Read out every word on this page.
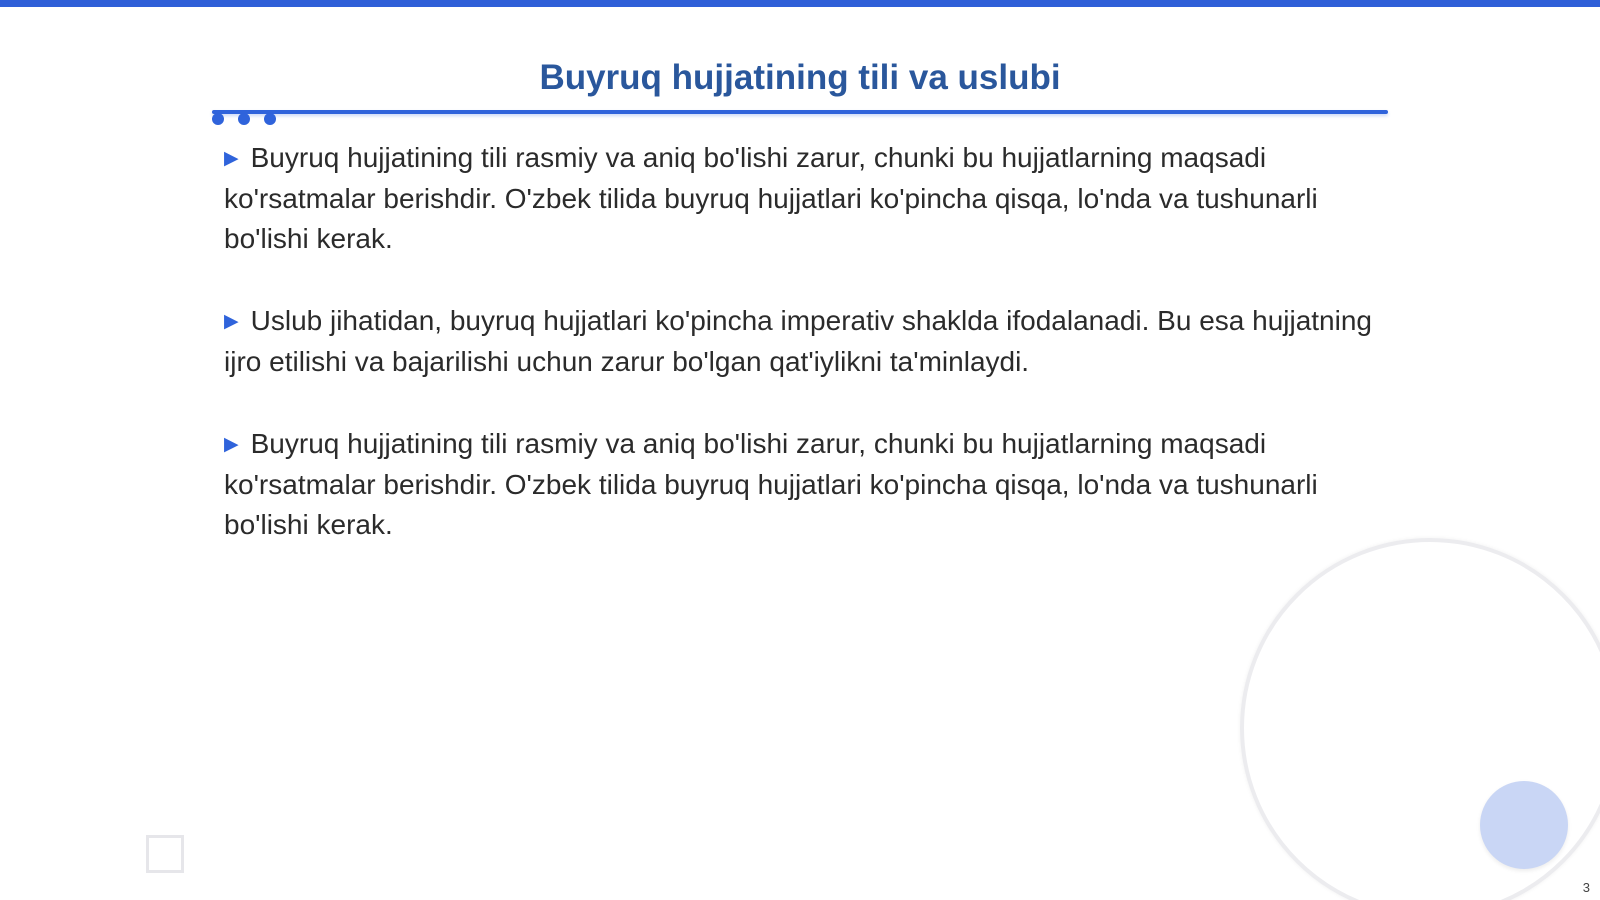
Buyruq hujjatining tili va uslubi

▶ Buyruq hujjatining tili rasmiy va aniq bo'lishi zarur, chunki bu hujjatlarning maqsadi ko'rsatmalar berishdir. O'zbek tilida buyruq hujjatlari ko'pincha qisqa, lo'nda va tushunarli bo'lishi kerak.

▶ Uslub jihatidan, buyruq hujjatlari ko'pincha imperativ shaklda ifodalanadi. Bu esa hujjatning ijro etilishi va bajarilishi uchun zarur bo'lgan qat'iylikni ta'minlaydi.

▶ Buyruq hujjatining tili rasmiy va aniq bo'lishi zarur, chunki bu hujjatlarning maqsadi ko'rsatmalar berishdir. O'zbek tilida buyruq hujjatlari ko'pincha qisqa, lo'nda va tushunarli bo'lishi kerak.

3
